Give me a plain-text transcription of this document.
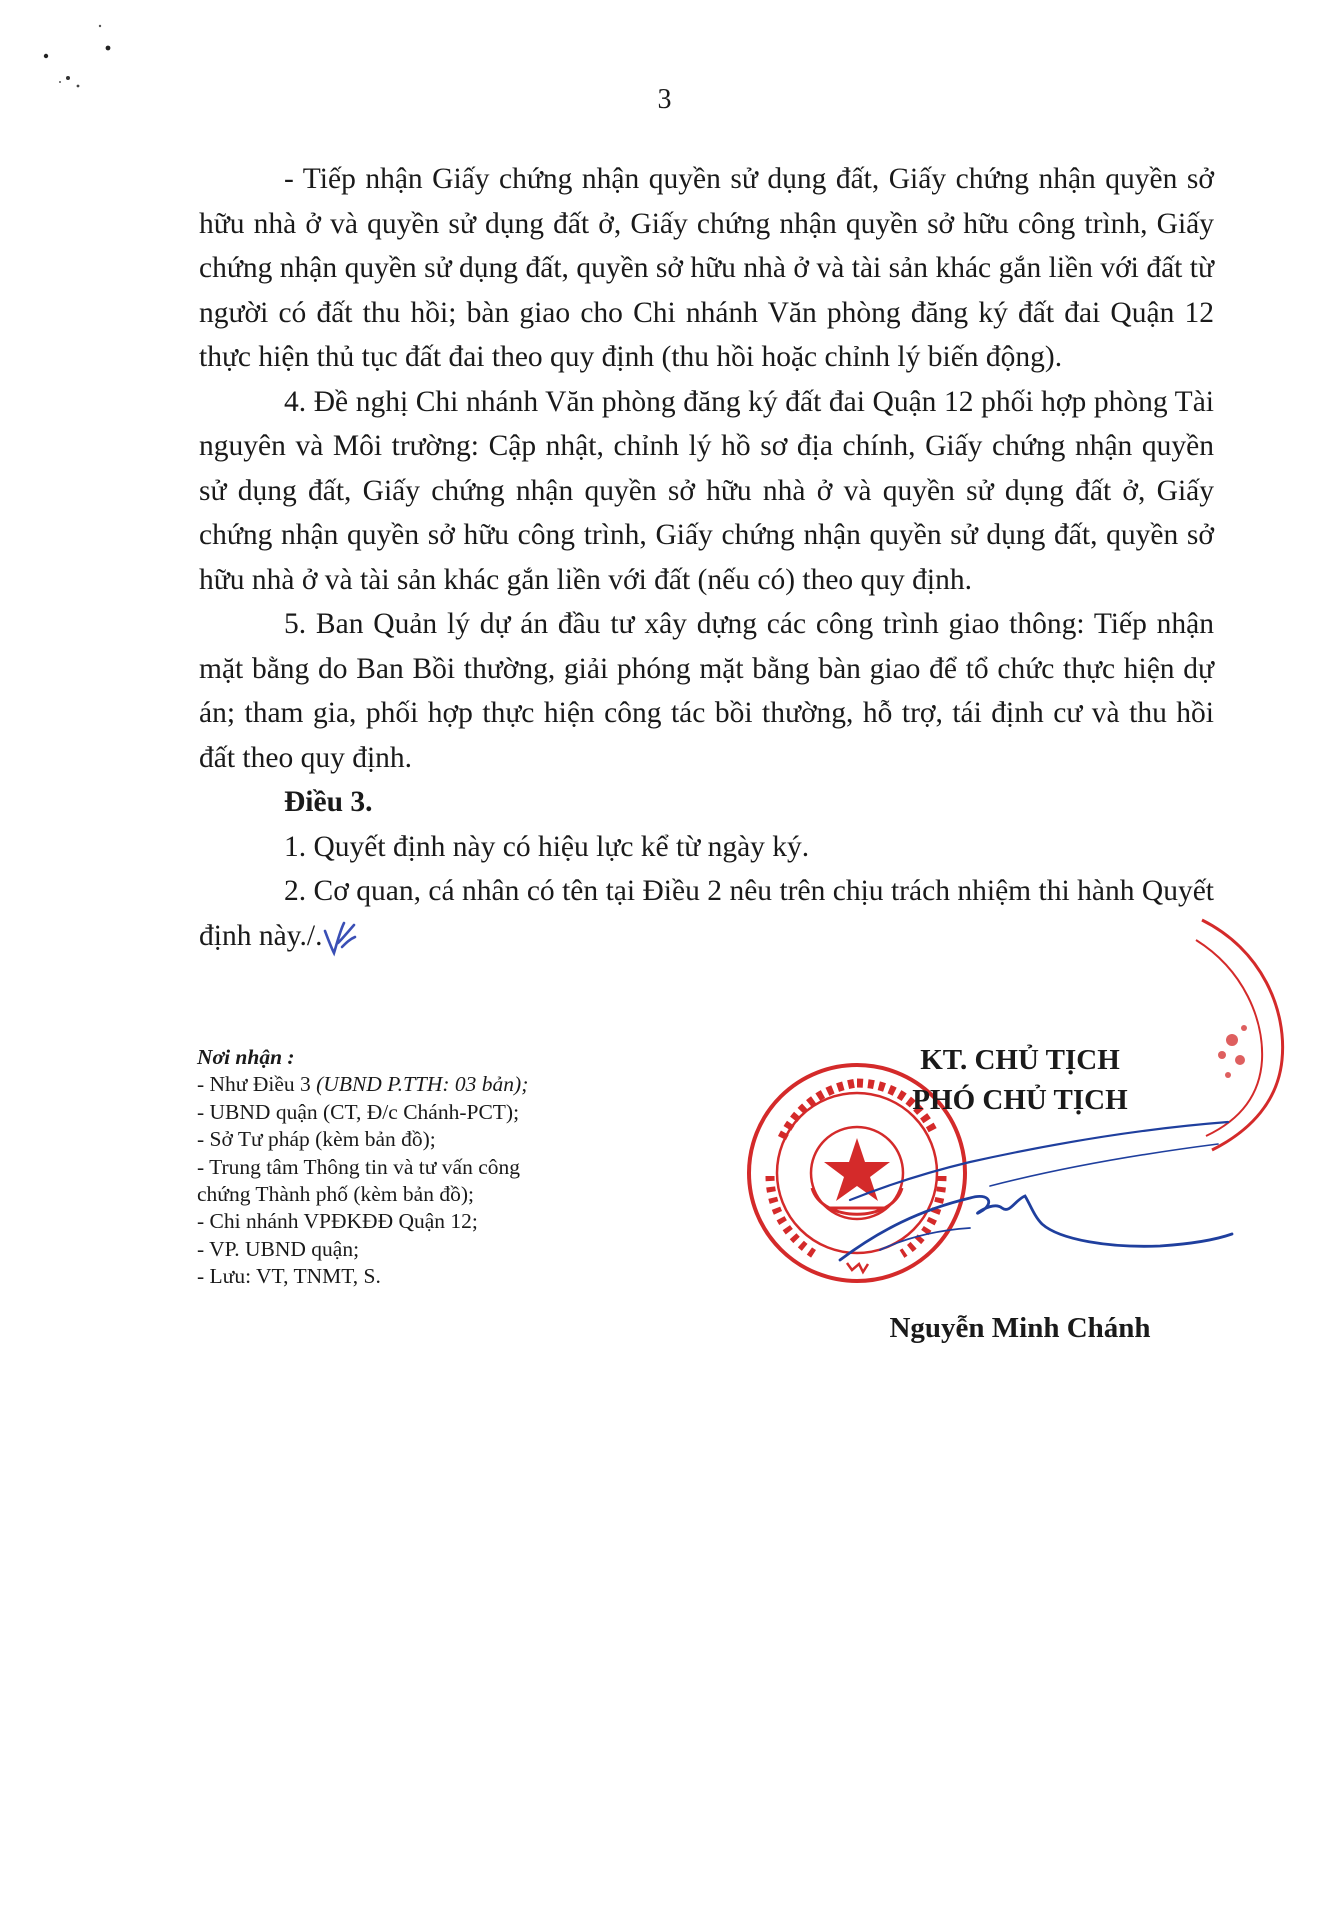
3

- Tiếp nhận Giấy chứng nhận quyền sử dụng đất, Giấy chứng nhận quyền sở hữu nhà ở và quyền sử dụng đất ở, Giấy chứng nhận quyền sở hữu công trình, Giấy chứng nhận quyền sử dụng đất, quyền sở hữu nhà ở và tài sản khác gắn liền với đất từ người có đất thu hồi; bàn giao cho Chi nhánh Văn phòng đăng ký đất đai Quận 12 thực hiện thủ tục đất đai theo quy định (thu hồi hoặc chỉnh lý biến động).

4. Đề nghị Chi nhánh Văn phòng đăng ký đất đai Quận 12 phối hợp phòng Tài nguyên và Môi trường: Cập nhật, chỉnh lý hồ sơ địa chính, Giấy chứng nhận quyền sử dụng đất, Giấy chứng nhận quyền sở hữu nhà ở và quyền sử dụng đất ở, Giấy chứng nhận quyền sở hữu công trình, Giấy chứng nhận quyền sử dụng đất, quyền sở hữu nhà ở và tài sản khác gắn liền với đất (nếu có) theo quy định.

5. Ban Quản lý dự án đầu tư xây dựng các công trình giao thông: Tiếp nhận mặt bằng do Ban Bồi thường, giải phóng mặt bằng bàn giao để tổ chức thực hiện dự án; tham gia, phối hợp thực hiện công tác bồi thường, hỗ trợ, tái định cư và thu hồi đất theo quy định.

Điều 3.

1. Quyết định này có hiệu lực kể từ ngày ký.

2. Cơ quan, cá nhân có tên tại Điều 2 nêu trên chịu trách nhiệm thi hành Quyết định này./.

Nơi nhận :
- Như Điều 3 (UBND P.TTH: 03 bản);
- UBND quận (CT, Đ/c Chánh-PCT);
- Sở Tư pháp (kèm bản đồ);
- Trung tâm Thông tin và tư vấn công
chứng Thành phố (kèm bản đồ);
- Chi nhánh VPĐKĐĐ Quận 12;
- VP. UBND quận;
- Lưu: VT, TNMT, S.
KT. CHỦ TỊCH
PHÓ CHỦ TỊCH
Nguyễn Minh Chánh
